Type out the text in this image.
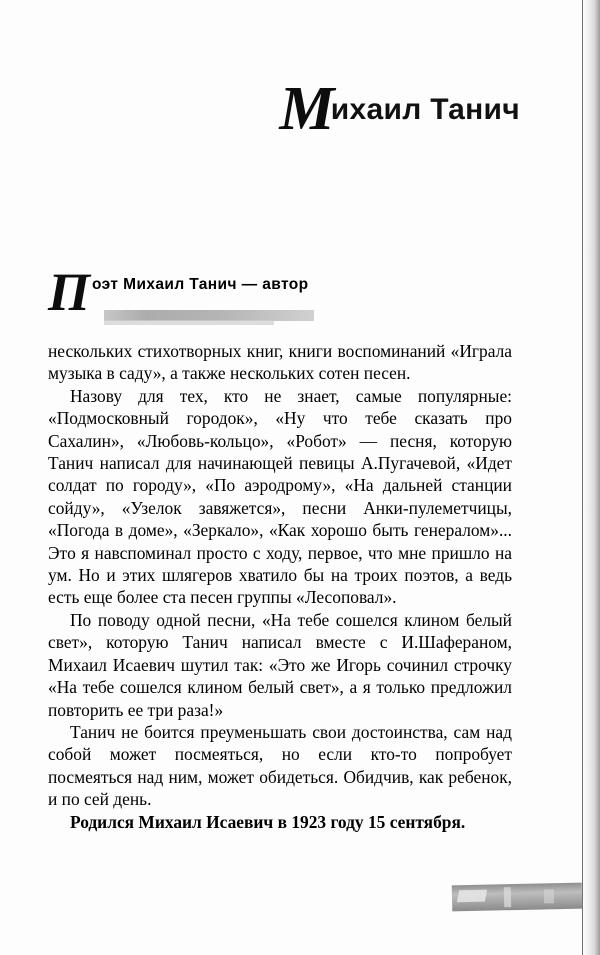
Михаил Танич
П оэт Михаил Танич — автор

нескольких стихотворных книг, книги воспоминаний «Играла музыка в саду», а также нескольких сотен песен.

Назову для тех, кто не знает, самые популярные: «Подмосковный городок», «Ну что тебе сказать про Сахалин», «Любовь-кольцо», «Робот» — песня, которую Танич написал для начинающей певицы А.Пугачевой, «Идет солдат по городу», «По аэродрому», «На дальней станции сойду», «Узелок завяжется», песни Анки-пулеметчицы, «Погода в доме», «Зеркало», «Как хорошо быть генералом»... Этo я навспоминал просто с ходу, первое, что мне пришло на ум. Но и этих шлягеров хватило бы на троих поэтов, а ведь есть еще более ста песен группы «Лесоповал».

По поводу одной песни, «На тебе сошелся клином белый свет», которую Танич написал вместе с И.Шафераном, Михаил Исаевич шутил так: «Это же Игорь сочинил строчку «На тебе сошелся клином белый свет», а я только предложил повторить ее три раза!»

Танич не боится преуменьшать свои достоинства, сам над собой может посмеяться, но если кто-то попробует посмеяться над ним, может обидеться. Обидчив, как ребенок, и по сей день.

Родился Михаил Исаевич в 1923 году 15 сентября.
